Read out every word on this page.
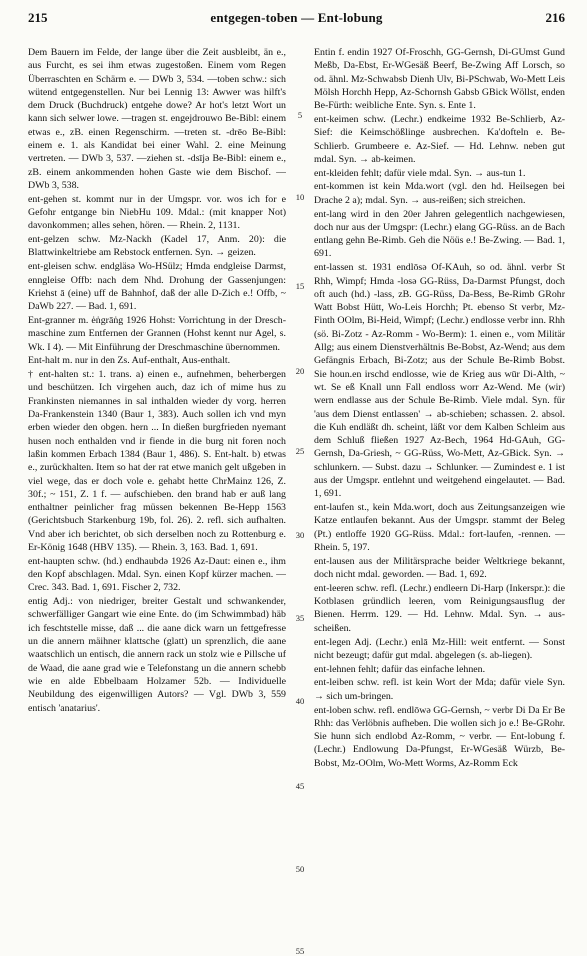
215	entgegen-toben — Ent-lobung	216

Dem Bauern im Felde, der lange über die Zeit ausbleibt, än e., aus Furcht, es sei ihm etwas zugestoßen. Einem vom Regen Überraschten en Schärm e. — DWb 3, 534. —toben schw.: sich wütend entgegenstellen. Nur bei Lennig 13: Awwer was hilft's dem Druck (Buchdruck) entgehe dowe? Ar hot's letzt Wort un kann sich selwer lowe. —tragen st. engejdrouwo Be-Bibl: einem etwas e., zB. einen Regenschirm. —treten st. -drēo Be-Bibl: einem e. 1. als Kandidat bei einer Wahl. 2. eine Meinung vertreten. — DWb 3, 537. —ziehen st. -dsījə Be-Bibl: einem e., zB. einem ankommenden hohen Gaste wie dem Bischof. — DWb 3, 538.

ent-gehen st. kommt nur in der Umgspr. vor. wos ich for e Gefohr entgange bin NiebHu 109. Mdal.: (mit knapper Not) davonkommen; alles sehen, hören. — Rhein. 2, 1131.

ent-gelzen schw. Mz-Nackh (Kadel 17, Anm. 20): die Blattwinkeltriebe am Rebstock entfernen. Syn. → geizen.

ent-gleisen schw. endgläsə Wo-HSülz; Hmda endgleise Darmst, enngleise Offb: nach dem Nhd. Drohung der Gassenjungen: Kriehst ā (eine) uff de Bahnhof, daß der alle D-Zich e.! Offb, ~ DaWb 227. — Bad. 1, 691.

Ent-granner m. ėṅgrāṅg 1926 Hohst: Vorrichtung in der Dresch-maschine zum Entfernen der Grannen (Hohst kennt nur Agel, s. Wk. I 4). — Mit Einführung der Dreschmaschine übernommen.

Ent-halt m. nur in den Zs. Auf-enthalt, Aus-enthalt.

† ent-halten st.: 1. trans. a) einen e., aufnehmen, beherbergen und beschützen. Ich virgehen auch, daz ich of mime hus zu Frankinsten niemannes in sal inthalden wieder dy vorg. herren Da-Frankenstein 1340 (Baur 1, 383). Auch sollen ich vnd myn erben wieder den obgen. hern ... In dießen burgfrieden nyemant husen noch enthalden vnd ir fiende in die burg nit foren noch laßin kommen Erbach 1384 (Baur 1, 486). S. Ent-halt. b) etwas e., zurückhalten. Item so hat der rat etwe manich gelt ußgeben in viel wege, das er doch vole e. gehabt hette ChrMainz 126, Z. 30f.; ~ 151, Z. 1 f. — aufschieben. den brand hab er auß lang enthaltner peinlicher frag müssen bekennen Be-Hepp 1563 (Gerichtsbuch Starkenburg 19b, fol. 26). 2. refl. sich aufhalten. Vnd aber ich berichtet, ob sich derselben noch zu Rottenburg e. Er-König 1648 (HBV 135). — Rhein. 3, 163. Bad. 1, 691.

ent-haupten schw. (hd.) endhaubdə 1926 Az-Daut: einen e., ihm den Kopf abschlagen. Mdal. Syn. einen Kopf kürzer machen. — Crec. 343. Bad. 1, 691. Fischer 2, 732.

entig Adj.: von niedriger, breiter Gestalt und schwankender, schwerfälliger Gangart wie eine Ente. do (im Schwimmbad) häb ich feschtstelle misse, daß ... die aane dick warn un fettgefresse un die annern mäihner klattsche (glatt) un sprenzlich, die aane waatschlich un entisch, die annern rack un stolz wie e Pillsche uf de Waad, die aane grad wie e Telefonstang un die annern schebb wie en alde Ebbelbaam Holzamer 52b. — Individuelle Neubildung des eigenwilligen Autors? — Vgl. DWb 3, 559 entisch 'anatarius'.

5
10
15
20
25
30
35
40
45
50
55

Entin f. endin 1927 Of-Froschh, GG-Gernsh, Di-GUmst Gund Meßb, Da-Ebst, Er-WGesäß Beerf, Be-Zwing Aff Lorsch, so od. ähnl. Mz-Schwabsb Dienh Ulv, Bi-PSchwab, Wo-Mett Leis Mölsh Horchh Hepp, Az-Schornsh Gabsb GBick Wöllst, enden Be-Fürth: weibliche Ente. Syn. s. Ente 1.

ent-keimen schw. (Lechr.) endkeime 1932 Be-Schlierb, Az-Sief: die Keimschößlinge ausbrechen. Ka'dofteln e. Be-Schlierb. Grumbeere e. Az-Sief. — Hd. Lehnw. neben gut mdal. Syn. → ab-keimen.

ent-kleiden fehlt; dafür viele mdal. Syn. → aus-tun 1.

ent-kommen ist kein Mda.wort (vgl. den hd. Heilsegen bei Drache 2 a); mdal. Syn. → aus-reißen; sich streichen.

ent-lang wird in den 20er Jahren gelegentlich nachgewiesen, doch nur aus der Umgspr: (Lechr.) elang GG-Rüss. an de Bach entlang gehn Be-Rimb. Geh die Nöüs e.! Be-Zwing. — Bad. 1, 691.

ent-lassen st. 1931 endlōsə Of-KAuh, so od. ähnl. verbr St Rhh, Wimpf; Hmda -losə GG-Rüss, Da-Darmst Pfungst, doch oft auch (hd.) -lass, zB. GG-Rüss, Da-Bess, Be-Rimb GRohr Watt Bobst Hütt, Wo-Leis Horchh; Pt. ebenso St verbr, Mz-Finth OOlm, Bi-Heid, Wimpf; (Lechr.) endlosse verbr inn. Rhh (sö. Bi-Zotz - Az-Romm - Wo-Berm): 1. einen e., vom Militär Allg; aus einem Dienstverhältnis Be-Bobst, Az-Wend; aus dem Gefängnis Erbach, Bi-Zotz; aus der Schule Be-Rimb Bobst. Sie houn.en irschd endlosse, wie de Krieg aus wūr Di-Alth, ~ wt. Se eß Knall unn Fall endloss worr Az-Wend. Me (wir) wern endlasse aus der Schule Be-Rimb. Viele mdal. Syn. für 'aus dem Dienst entlassen' → ab-schieben; schassen. 2. absol. die Kuh endläßt dh. scheint, läßt vor dem Kalben Schleim aus dem Schluß fließen 1927 Az-Bech, 1964 Hd-GAuh, GG-Gernsh, Da-Griesh, ~ GG-Rüss, Wo-Mett, Az-GBick. Syn. → schlunkern. — Subst. dazu → Schlunker. — Zumindest e. 1 ist aus der Umgspr. entlehnt und weitgehend eingelautet. — Bad. 1, 691.

ent-laufen st., kein Mda.wort, doch aus Zeitungsanzeigen wie Katze entlaufen bekannt. Aus der Umgspr. stammt der Beleg (Pt.) entloffe 1920 GG-Rüss. Mdal.: fort-laufen, -rennen. — Rhein. 5, 197.

ent-lausen aus der Militärsprache beider Weltkriege bekannt, doch nicht mdal. geworden. — Bad. 1, 692.

ent-leeren schw. refl. (Lechr.) endleern Di-Harp (Inkerspr.): die Kotblasen gründlich leeren, vom Reinigungsausflug der Bienen. Herrm. 129. — Hd. Lehnw. Mdal. Syn. → aus-scheißen.

ent-legen Adj. (Lechr.) enlā Mz-Hill: weit entfernt. — Sonst nicht bezeugt; dafür gut mdal. abgelegen (s. ab-liegen).

ent-lehnen fehlt; dafür das einfache lehnen.

ent-leiben schw. refl. ist kein Wort der Mda; dafür viele Syn. → sich um-bringen.

ent-loben schw. refl. endlōwə GG-Gernsh, ~ verbr Di Da Er Be Rhh: das Verlöbnis aufheben. Die wollen sich jo e.! Be-GRohr. Sie hunn sich endlobd Az-Romm, ~ verbr. — Ent-lobung f. (Lechr.) Endlowung Da-Pfungst, Er-WGesäß Würzb, Be-Bobst, Mz-OOlm, Wo-Mett Worms, Az-Romm Eck
